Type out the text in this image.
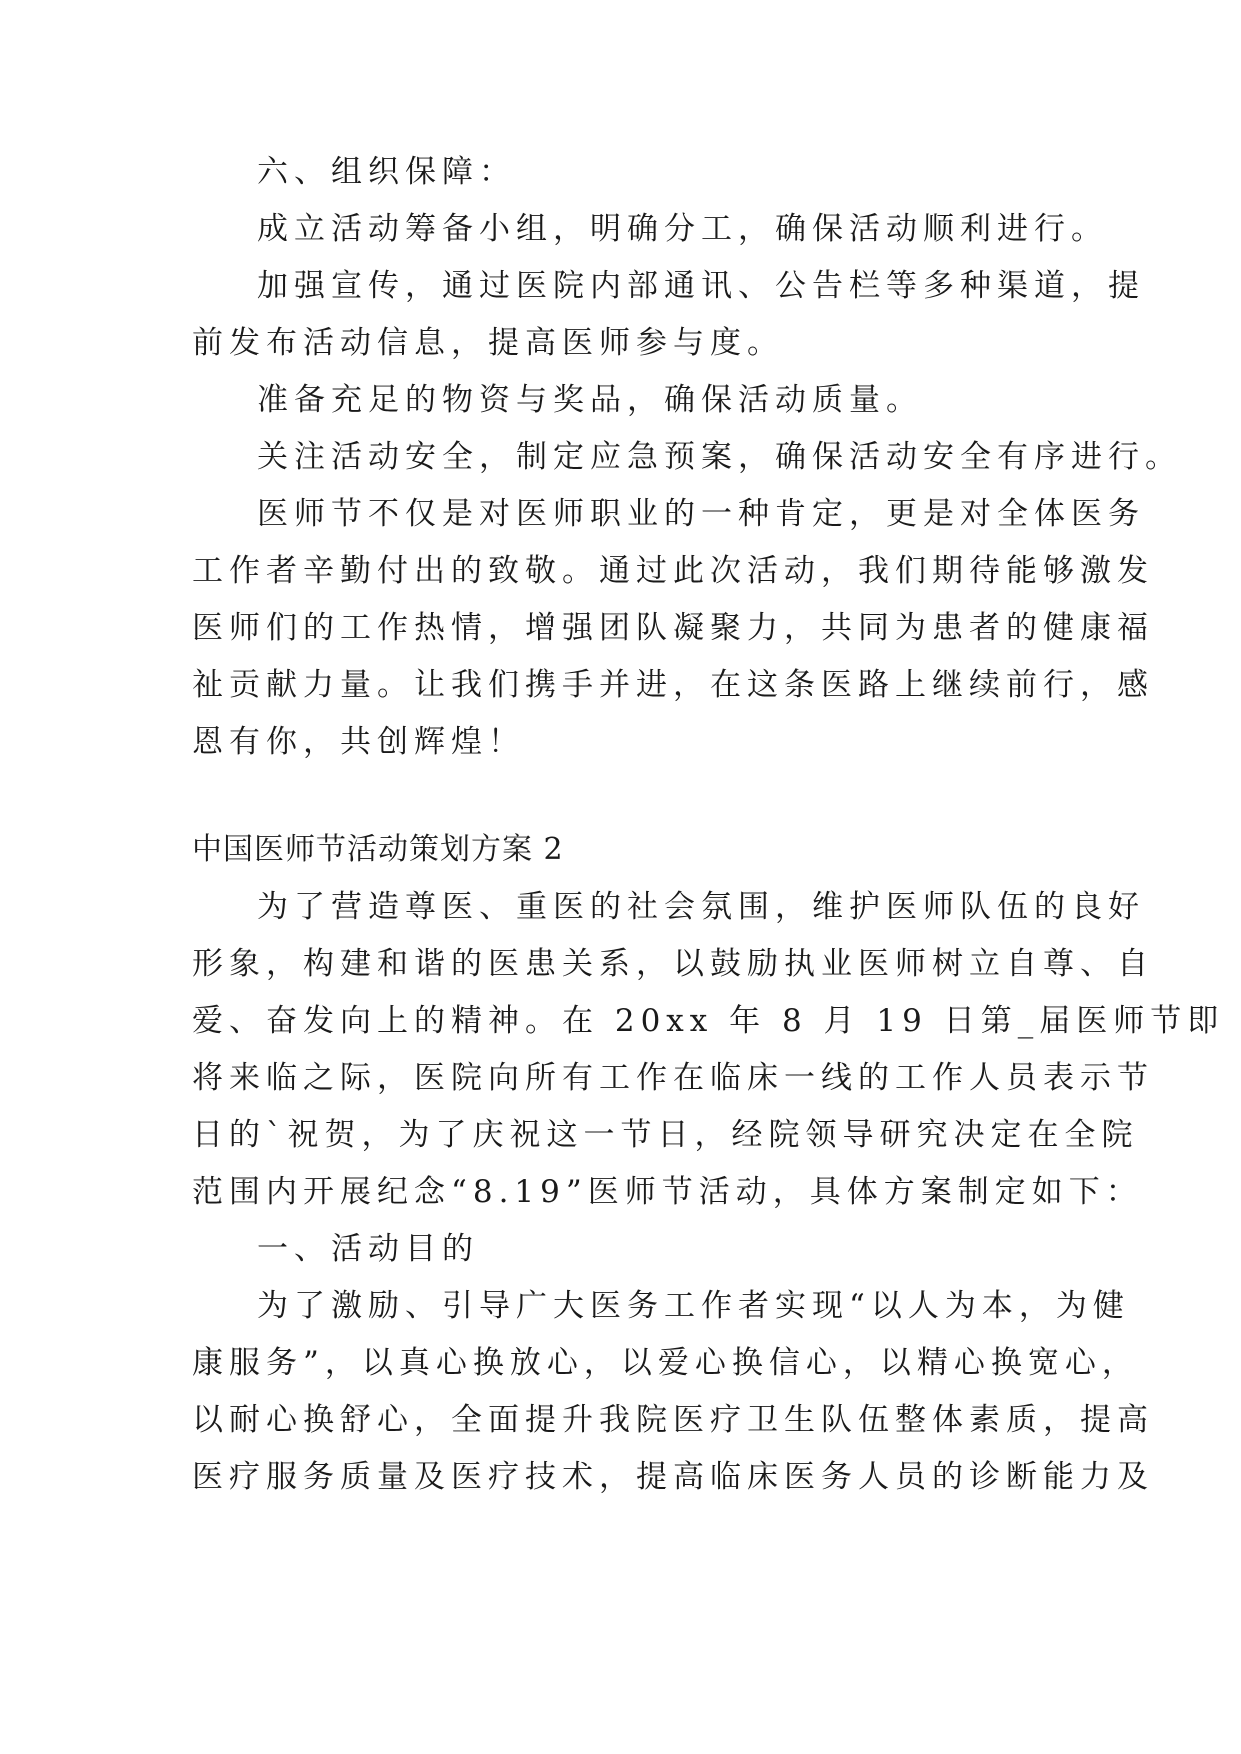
六、组织保障：
成立活动筹备小组，明确分工，确保活动顺利进行。
加强宣传，通过医院内部通讯、公告栏等多种渠道，提
前发布活动信息，提高医师参与度。
准备充足的物资与奖品，确保活动质量。
关注活动安全，制定应急预案，确保活动安全有序进行。
医师节不仅是对医师职业的一种肯定，更是对全体医务
工作者辛勤付出的致敬。通过此次活动，我们期待能够激发
医师们的工作热情，增强团队凝聚力，共同为患者的健康福
祉贡献力量。让我们携手并进，在这条医路上继续前行，感
恩有你，共创辉煌！
中国医师节活动策划方案 2
为了营造尊医、重医的社会氛围，维护医师队伍的良好
形象，构建和谐的医患关系，以鼓励执业医师树立自尊、自
爱、奋发向上的精神。在 20xx 年 8 月 19 日第_届医师节即
将来临之际，医院向所有工作在临床一线的工作人员表示节
日的`祝贺，为了庆祝这一节日，经院领导研究决定在全院
范围内开展纪念“8.19”医师节活动，具体方案制定如下：
一、活动目的
为了激励、引导广大医务工作者实现“以人为本，为健
康服务”，以真心换放心，以爱心换信心，以精心换宽心，
以耐心换舒心，全面提升我院医疗卫生队伍整体素质，提高
医疗服务质量及医疗技术，提高临床医务人员的诊断能力及
